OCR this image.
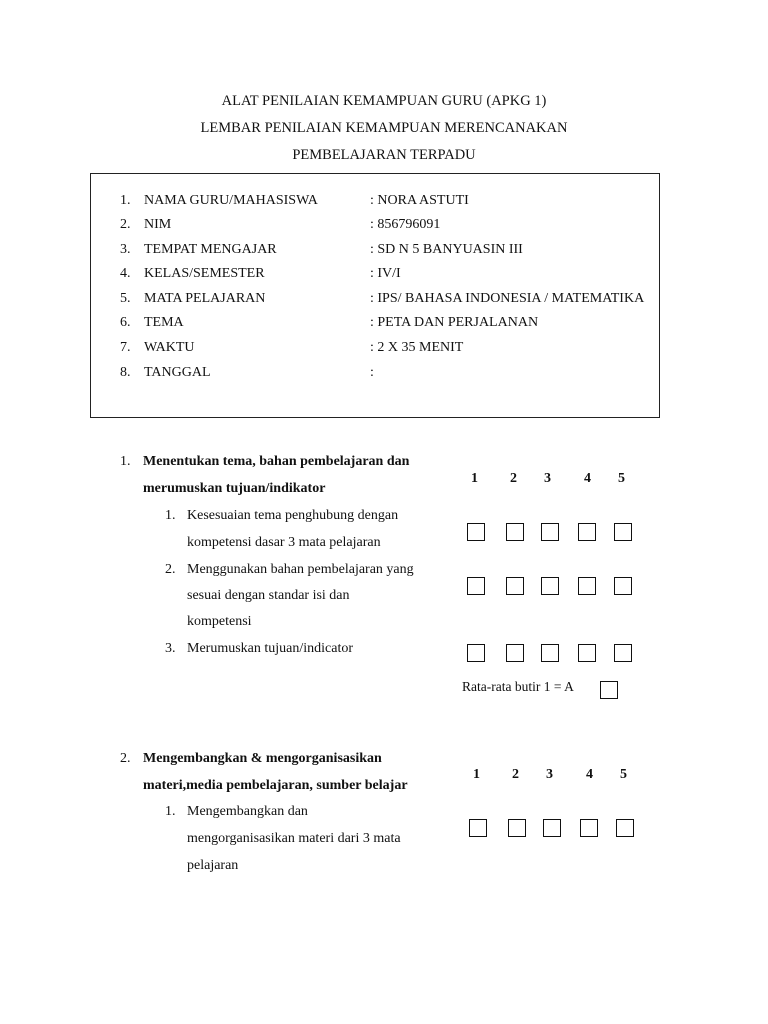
ALAT PENILAIAN KEMAMPUAN GURU (APKG 1)
LEMBAR PENILAIAN KEMAMPUAN MERENCANAKAN
PEMBELAJARAN TERPADU
1. NAMA GURU/MAHASISWA	: NORA ASTUTI
2. NIM	: 856796091
3. TEMPAT MENGAJAR	: SD N 5 BANYUASIN III
4. KELAS/SEMESTER	: IV/I
5. MATA PELAJARAN	: IPS/ BAHASA INDONESIA / MATEMATIKA
6. TEMA	: PETA DAN PERJALANAN
7. WAKTU	: 2 X 35 MENIT
8. TANGGAL	:
1. Menentukan tema, bahan pembelajaran dan
merumuskan tujuan/indikator
1 2 3 4 5
1. Kesesuaian tema penghubung dengan
kompetensi dasar 3 mata pelajaran
2. Menggunakan bahan pembelajaran yang
sesuai dengan standar isi dan
kompetensi
3. Merumuskan tujuan/indicator
Rata-rata butir 1 = A
2. Mengembangkan & mengorganisasikan
materi,media pembelajaran, sumber belajar
1 2 3 4 5
1. Mengembangkan dan
mengorganisasikan materi dari 3 mata
pelajaran
